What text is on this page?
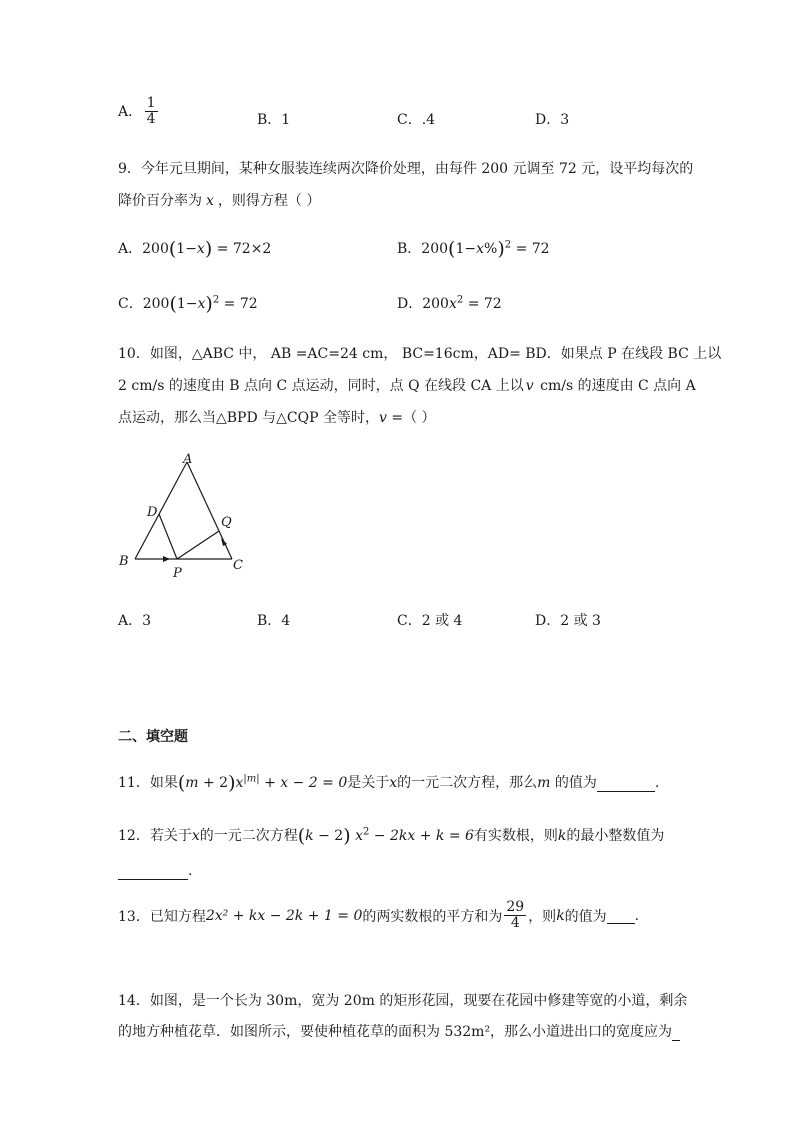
A． $\frac{1}{4}$	B．1	C．.4	D．3
9．今年元旦期间，某种女服装连续两次降价处理，由每件 200 元调至 72 元，设平均每次的
降价百分率为 x ，则得方程（ ）
A．200(1−x) = 72×2	B．$200(1-x\%)^2 = 72$
C．$200(1-x)^2 = 72$	D．$200x^2 = 72$
10．如图，△ABC 中， AB =AC=24 cm， BC=16cm，AD= BD．如果点 P 在线段 BC 上以
2 cm/s 的速度由 B 点向 C 点运动，同时，点 Q 在线段 CA 上以 v cm/s 的速度由 C 点向 A
点运动，那么当△BPD 与△CQP 全等时，v =（ ）
A
B	C
D
P
Q
A．3	B．4	C．2 或 4	D．2 或 3
二、填空题
11．如果$(m + 2)x^{|m|} + x - 2 = 0$是关于x的一元二次方程，那么m 的值为	.
12．若关于x的一元二次方程(k − 2) $x^2 - 2kx + k = 6$有实数根，则k的最小整数值为
.
13．已知方程2x² + kx − 2k + 1 = 0的两实数根的平方和为 $\frac{29}{4}$ ，则k的值为 .
14．如图，是一个长为 30m，宽为 20m 的矩形花园，现要在花园中修建等宽的小道，剩余
的地方种植花草．如图所示，要使种植花草的面积为 532m²，那么小道进出口的宽度应为
